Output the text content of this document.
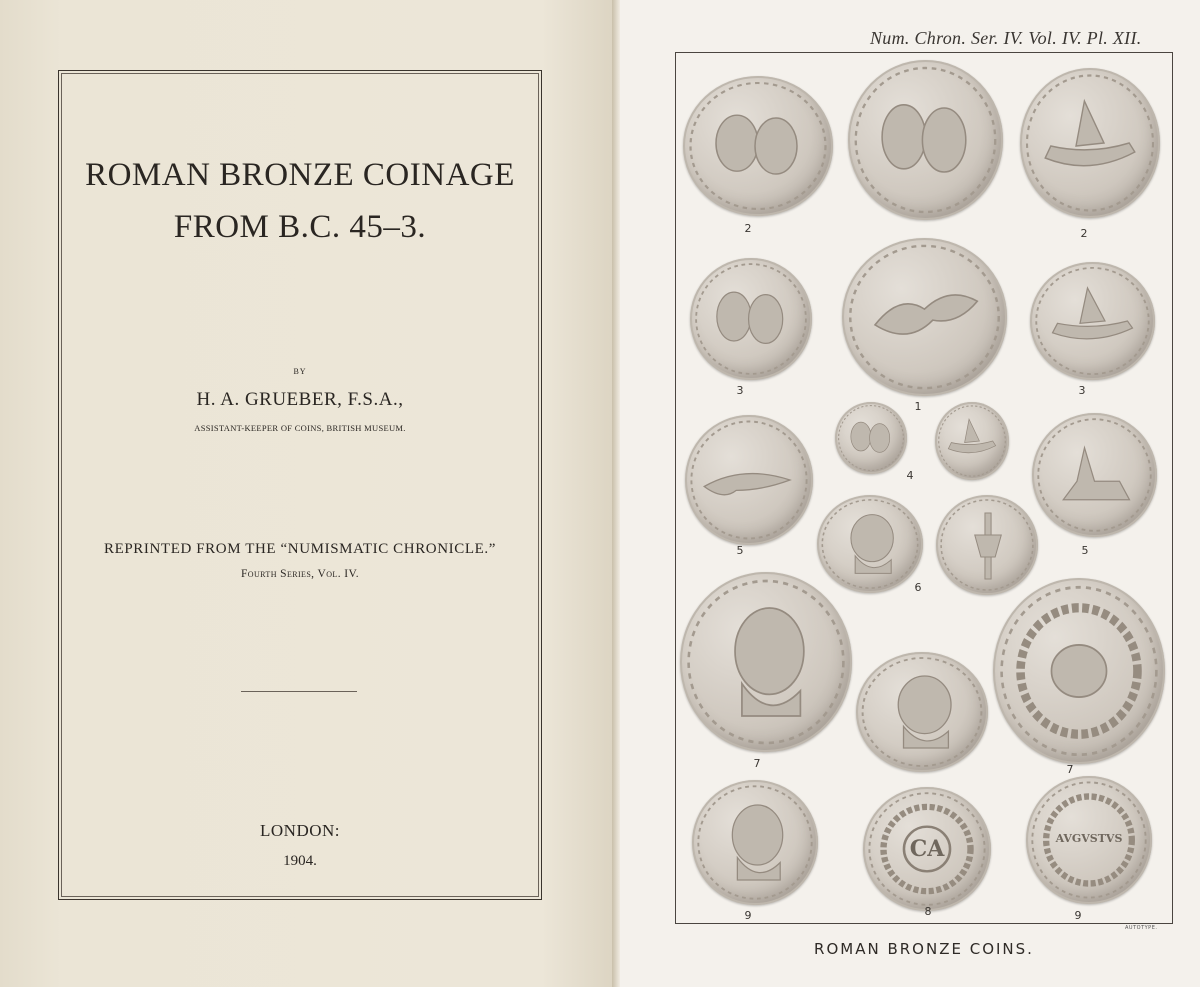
ROMAN BRONZE COINAGE
FROM B.C. 45–3.
BY
H. A. GRUEBER, F.S.A.,
ASSISTANT-KEEPER OF COINS, BRITISH MUSEUM.
REPRINTED FROM THE “NUMISMATIC CHRONICLE.”
Fourth Series, Vol. IV.
LONDON:
1904.
Num. Chron. Ser. IV. Vol. IV. Pl. XII.
ROMAN BRONZE COINS.
AUTOTYPE.
2	2
3
1
3
4
5	5
6
7	7
9
CA
8
AVGVSTVS
9
